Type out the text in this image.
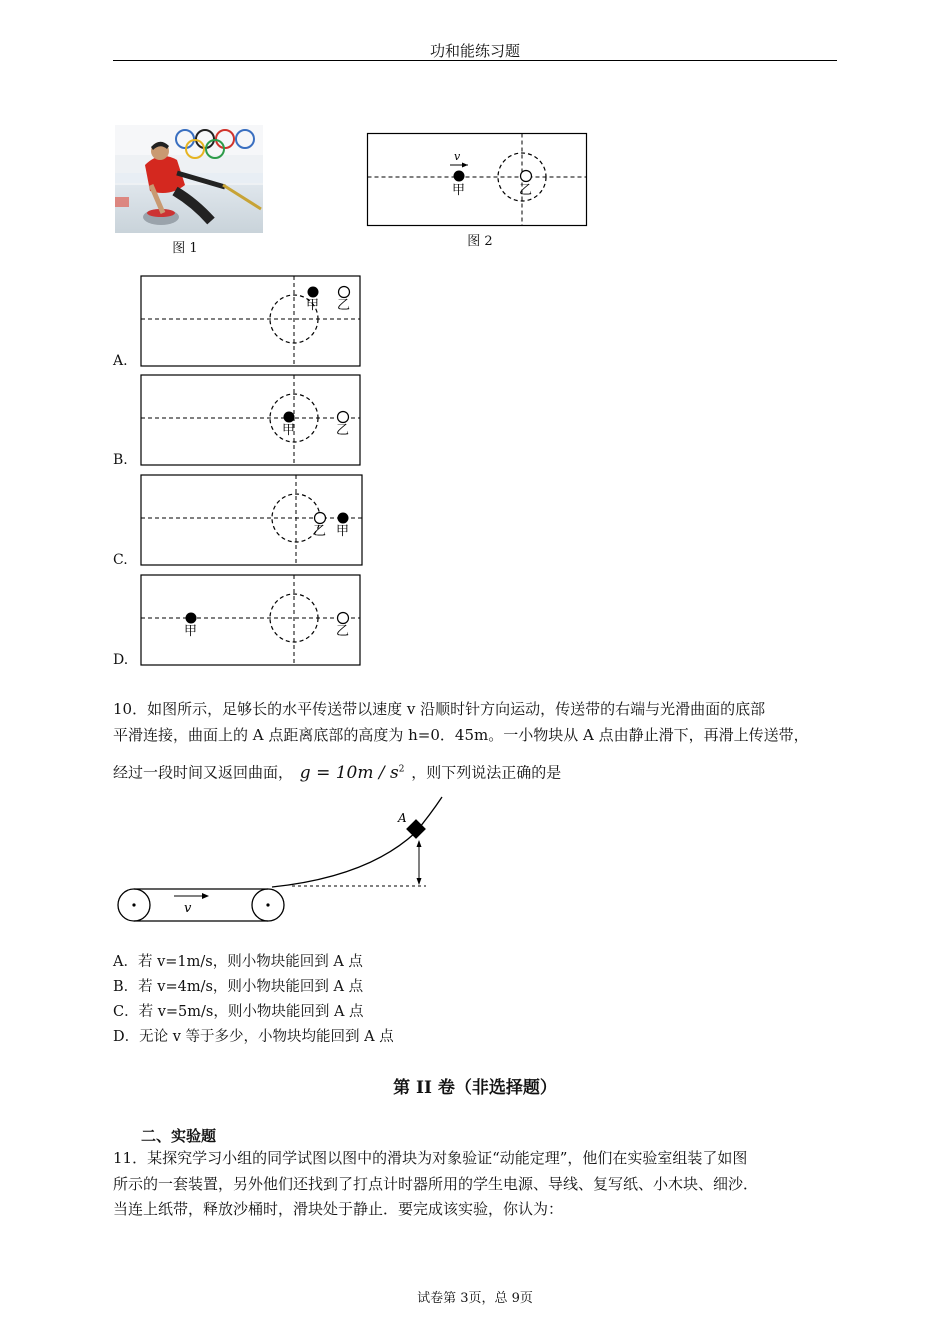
功和能练习题
图 1
v
甲	乙
图 2
甲 乙
A.
甲	乙
B.
乙 甲
C.
甲	乙
D.
10．如图所示，足够长的水平传送带以速度 v 沿顺时针方向运动，传送带的右端与光滑曲面的底部
平滑连接，曲面上的 A 点距离底部的高度为 h=0．45m。一小物块从 A 点由静止滑下，再滑上传送带，
经过一段时间又返回曲面， $g = 10m / s^2$ ，则下列说法正确的是
v
A
A．若 v=1m/s，则小物块能回到 A 点
B．若 v=4m/s，则小物块能回到 A 点
C．若 v=5m/s，则小物块能回到 A 点
D．无论 v 等于多少，小物块均能回到 A 点
第 II 卷（非选择题）
二、实验题
11．某探究学习小组的同学试图以图中的滑块为对象验证“动能定理”，他们在实验室组装了如图
所示的一套装置，另外他们还找到了打点计时器所用的学生电源、导线、复写纸、小木块、细沙．
当连上纸带，释放沙桶时，滑块处于静止．要完成该实验，你认为：
试卷第 3页，总 9页
